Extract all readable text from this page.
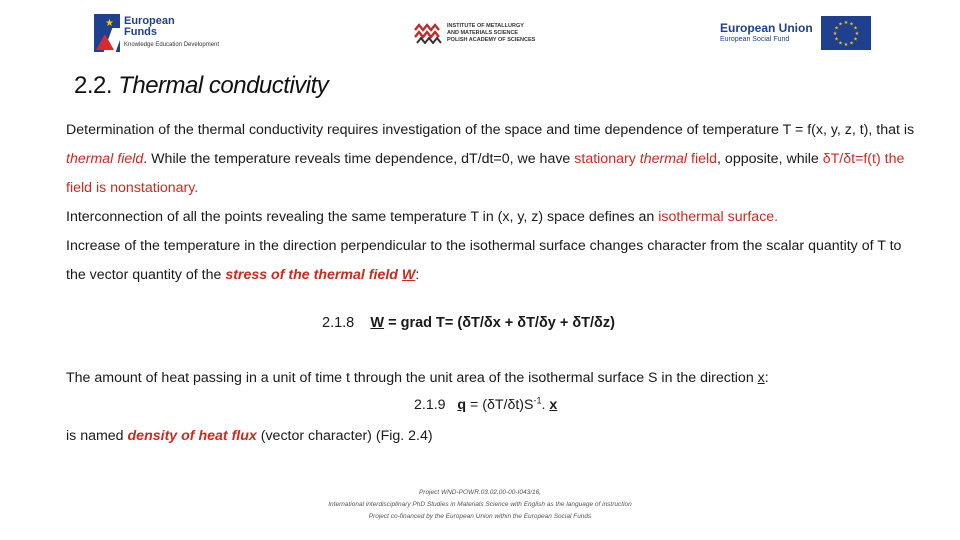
★ European
Funds
Knowledge Education Development
INSTITUTE OF METALLURGY
AND MATERIALS SCIENCE
POLISH ACADEMY OF SCIENCES
European Union
European Social Fund
★ ★
★
★
★
★
★
★
★
★
★
★
2.2. Thermal conductivity

Determination of the thermal conductivity requires investigation of the space and time dependence of temperature T = f(x, y, z, t), that is thermal field. While the temperature reveals time dependence, dT/dt=0, we have stationary thermal field, opposite, while δT/δt=f(t) the field is nonstationary.

Interconnection of all the points revealing the same temperature T in (x, y, z) space defines an isothermal surface.

Increase of the temperature in the direction perpendicular to the isothermal surface changes character from the scalar quantity of T to the vector quantity of the stress of the thermal field W:

2.1.8 W = grad T= (δT/δx + δT/δy + δT/δz)
The amount of heat passing in a unit of time t through the unit area of the isothermal surface S in the direction x:
2.1.9 $q = (\delta T/\delta t)S^{-1}$. x
is named density of heat flux (vector character) (Fig. 2.4)
Project WND-POWR.03.02.00-00-I043/16,
International interdisciplinary PhD Studies in Materials Science with English as the language of instruction
Project co-financed by the European Union within the European Social Funds
